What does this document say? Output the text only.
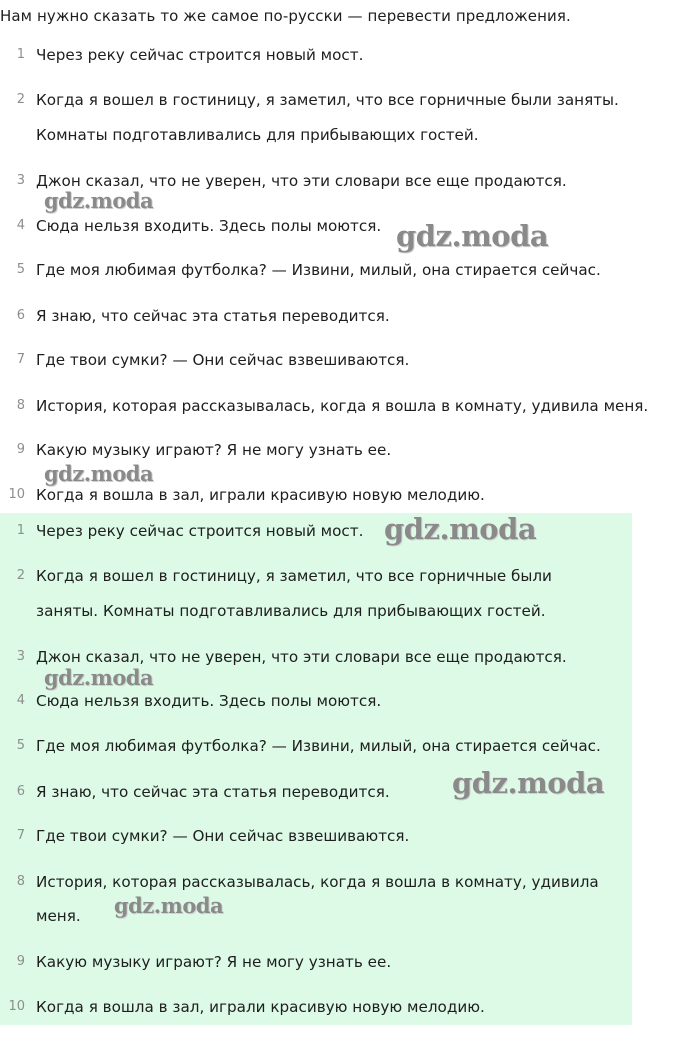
Нам нужно сказать то же самое по-русски — перевести предложения.
1 Через реку сейчас строится новый мост.
2 Когда я вошел в гостиницу, я заметил, что все горничные были заняты.
Комнаты подготавливались для прибывающих гостей.
3 Джон сказал, что не уверен, что эти словари все еще продаются.
4 Сюда нельзя входить. Здесь полы моются.
5 Где моя любимая футболка? — Извини, милый, она стирается сейчас.
6 Я знаю, что сейчас эта статья переводится.
7 Где твои сумки? — Они сейчас взвешиваются.
8 История, которая рассказывалась, когда я вошла в комнату, удивила меня.
9 Какую музыку играют? Я не могу узнать ее.
10 Когда я вошла в зал, играли красивую новую мелодию.
1 Через реку сейчас строится новый мост.
2 Когда я вошел в гостиницу, я заметил, что все горничные были
заняты. Комнаты подготавливались для прибывающих гостей.
3 Джон сказал, что не уверен, что эти словари все еще продаются.
4 Сюда нельзя входить. Здесь полы моются.
5 Где моя любимая футболка? — Извини, милый, она стирается сейчас.
6 Я знаю, что сейчас эта статья переводится.
7 Где твои сумки? — Они сейчас взвешиваются.
8 История, которая рассказывалась, когда я вошла в комнату, удивила
меня.
9 Какую музыку играют? Я не могу узнать ее.
10 Когда я вошла в зал, играли красивую новую мелодию.
gdz.moda
gdz.moda
gdz.moda
gdz.moda
gdz.moda
gdz.moda
gdz.moda
